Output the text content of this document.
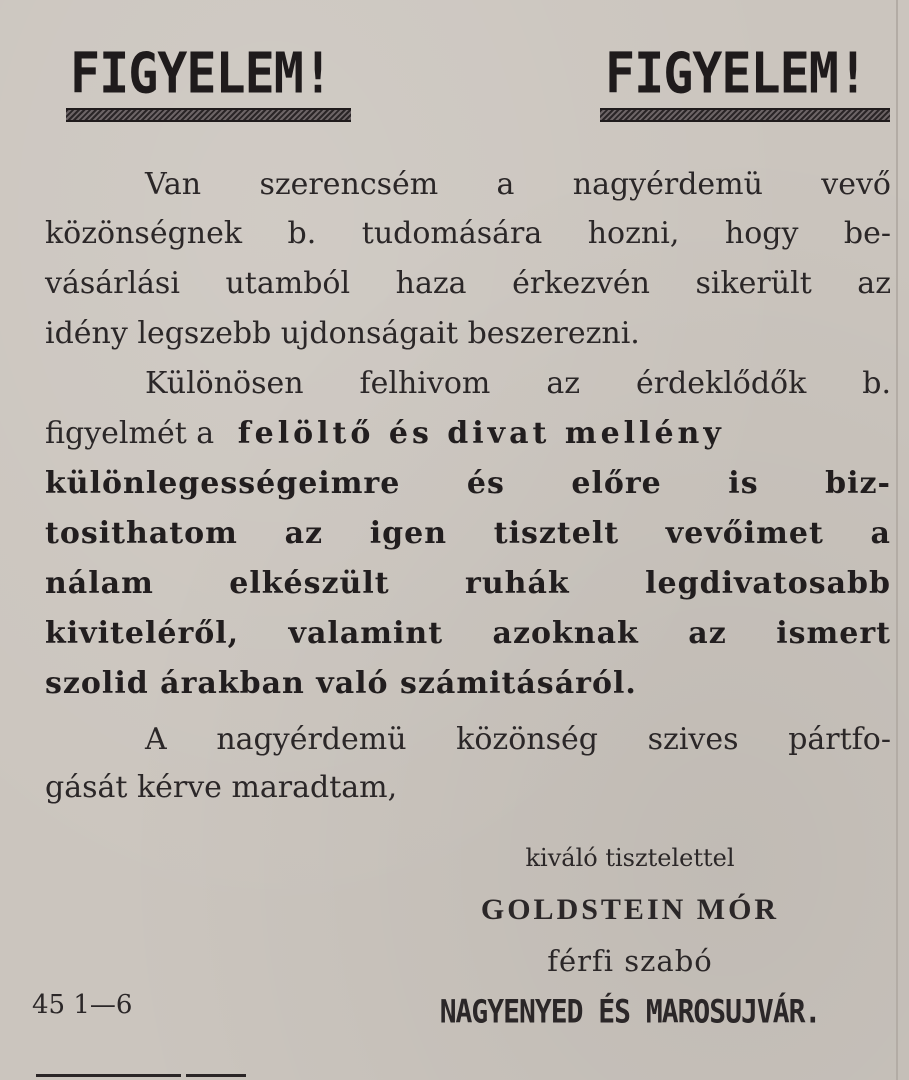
FIGYELEM!	FIGYELEM!
Van szerencsém a nagyérdemü vevő
közönségnek b. tudomására hozni, hogy be-
vásárlási utamból haza érkezvén sikerült az
idény legszebb ujdonságait beszerezni.
Különösen felhivom az érdeklődők b.
figyelmét a felöltő és divat mellény
különlegességeimre és előre is biz-
tosithatom az igen tisztelt vevőimet a
nálam elkészült ruhák legdivatosabb
kiviteléről, valamint azoknak az ismert
szolid árakban való számitásáról.
A nagyérdemü közönség szives pártfo-
gását kérve maradtam,
kiváló tisztelettel
GOLDSTEIN MÓR
férfi szabó
NAGYENYED ÉS MAROSUJVÁR.
45 1—6
